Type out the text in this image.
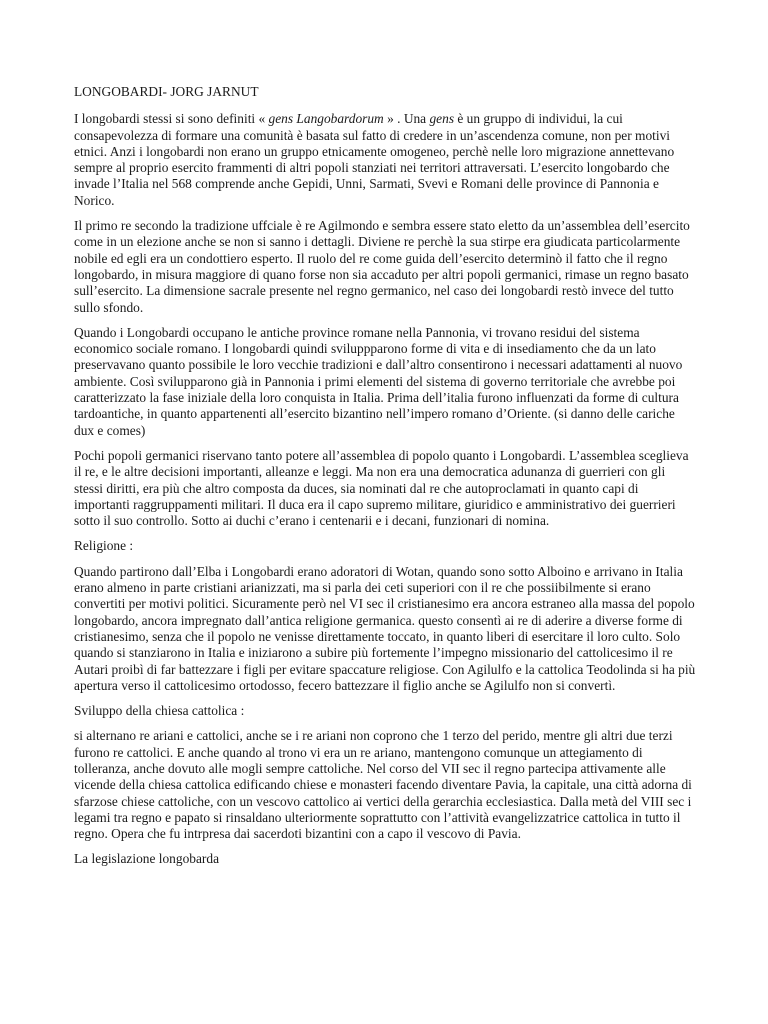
LONGOBARDI- JORG JARNUT

I longobardi stessi si sono definiti « gens Langobardorum » . Una gens è un gruppo di individui, la cui consapevolezza di formare una comunità è basata sul fatto di credere in un’ascendenza comune, non per motivi etnici. Anzi i longobardi non erano un gruppo etnicamente omogeneo, perchè nelle loro migrazione annettevano sempre al proprio esercito frammenti di altri popoli stanziati nei territori attraversati. L’esercito longobardo che invade l’Italia nel 568 comprende anche Gepidi, Unni, Sarmati, Svevi e Romani delle province di Pannonia e Norico.

Il primo re secondo la tradizione uffciale è re Agilmondo e sembra essere stato eletto da un’assemblea dell’esercito come in un elezione anche se non si sanno i dettagli. Diviene re perchè la sua stirpe era giudicata particolarmente nobile ed egli era un condottiero esperto. Il ruolo del re come guida dell’esercito determinò il fatto che il regno longobardo, in misura maggiore di quano forse non sia accaduto per altri popoli germanici, rimase un regno basato sull’esercito. La dimensione sacrale presente nel regno germanico, nel caso dei longobardi restò invece del tutto sullo sfondo.

Quando i Longobardi occupano le antiche province romane nella Pannonia, vi trovano residui del sistema economico sociale romano. I longobardi quindi sviluppparono forme di vita e di insediamento che da un lato preservavano quanto possibile le loro vecchie tradizioni e dall’altro consentirono i necessari adattamenti al nuovo ambiente. Così svilupparono già in Pannonia i primi elementi del sistema di governo territoriale che avrebbe poi caratterizzato la fase iniziale della loro conquista in Italia. Prima dell’italia furono influenzati da forme di cultura tardoantiche, in quanto appartenenti all’esercito bizantino nell’impero romano d’Oriente. (si danno delle cariche dux e comes)

Pochi popoli germanici riservano tanto potere all’assemblea di popolo quanto i Longobardi. L’assemblea sceglieva il re, e le altre decisioni importanti, alleanze e leggi. Ma non era una democratica adunanza di guerrieri con gli stessi diritti, era più che altro composta da duces, sia nominati dal re che autoproclamati in quanto capi di importanti raggruppamenti militari. Il duca era il capo supremo militare, giuridico e amministrativo dei guerrieri sotto il suo controllo. Sotto ai duchi c’erano i centenarii e i decani, funzionari di nomina.

Religione :

Quando partirono dall’Elba i Longobardi erano adoratori di Wotan, quando sono sotto Alboino e arrivano in Italia erano almeno in parte cristiani arianizzati, ma si parla dei ceti superiori con il re che possiibilmente si erano convertiti per motivi politici. Sicuramente però nel VI sec il cristianesimo era ancora estraneo alla massa del popolo longobardo, ancora impregnato dall’antica religione germanica. questo consentì ai re di aderire a diverse forme di cristianesimo, senza che il popolo ne venisse direttamente toccato, in quanto liberi di esercitare il loro culto. Solo quando si stanziarono in Italia e iniziarono a subire più fortemente l’impegno missionario del cattolicesimo il re Autari proibì di far battezzare i figli per evitare spaccature religiose. Con Agilulfo e la cattolica Teodolinda si ha più apertura verso il cattolicesimo ortodosso, fecero battezzare il figlio anche se Agilulfo non si convertì.

Sviluppo della chiesa cattolica :

si alternano re ariani e cattolici, anche se i re ariani non coprono che 1 terzo del perido, mentre gli altri due terzi furono re cattolici. E anche quando al trono vi era un re ariano, mantengono comunque un attegiamento di tolleranza, anche dovuto alle mogli sempre cattoliche. Nel corso del VII sec il regno partecipa attivamente alle vicende della chiesa cattolica edificando chiese e monasteri facendo diventare Pavia, la capitale, una città adorna di sfarzose chiese cattoliche, con un vescovo cattolico ai vertici della gerarchia ecclesiastica. Dalla metà del VIII sec i legami tra regno e papato si rinsaldano ulteriormente soprattutto con l’attività evangelizzatrice cattolica in tutto il regno. Opera che fu intrpresa dai sacerdoti bizantini con a capo il vescovo di Pavia.

La legislazione longobarda
